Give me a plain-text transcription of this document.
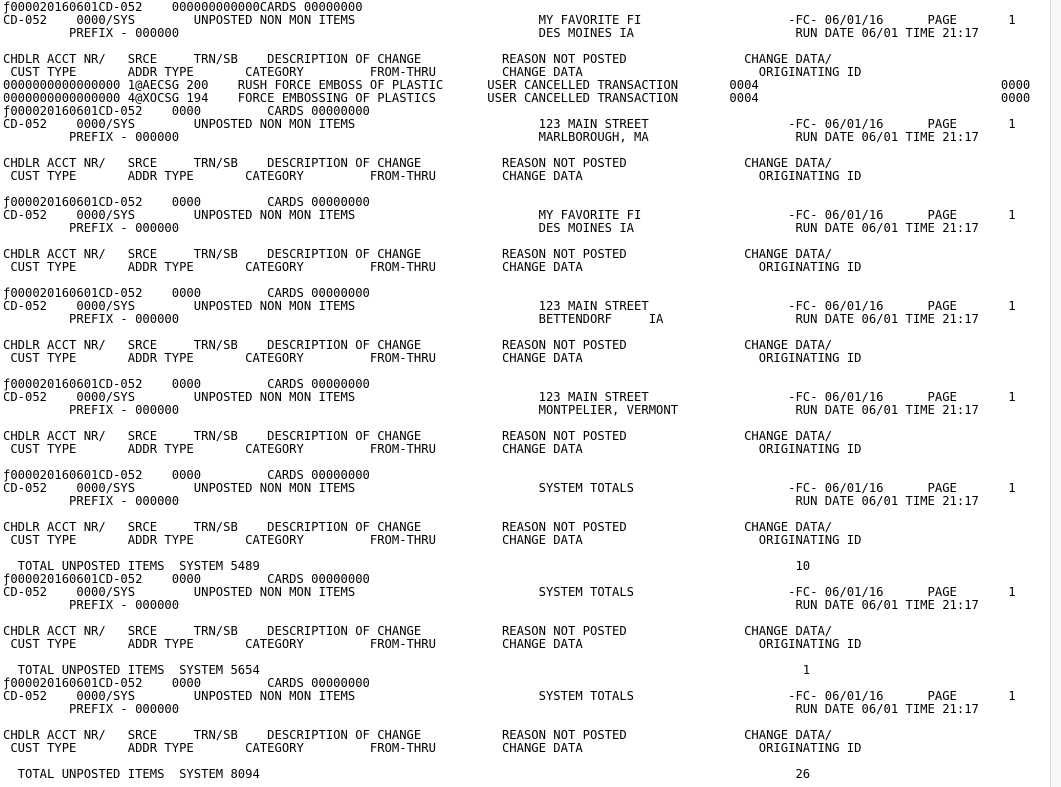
ƒ000020160601CD-052    000000000000CARDS 00000000
CD-052    0000/SYS        UNPOSTED NON MON ITEMS                         MY FAVORITE FI                    -FC- 06/01/16      PAGE       1
PREFIX - 000000                                                 DES MOINES IA                      RUN DATE 06/01 TIME 21:17
CHDLR ACCT NR/   SRCE     TRN/SB    DESCRIPTION OF CHANGE           REASON NOT POSTED                CHANGE DATA/
CUST TYPE       ADDR TYPE       CATEGORY         FROM-THRU         CHANGE DATA                        ORIGINATING ID
0000000000000000 1@AECSG 200    RUSH FORCE EMBOSS OF PLASTIC      USER CANCELLED TRANSACTION       0004                                 0000
0000000000000000 4@XOCSG 194    FORCE EMBOSSING OF PLASTICS       USER CANCELLED TRANSACTION       0004                                 0000
ƒ000020160601CD-052    0000         CARDS 00000000
CD-052    0000/SYS        UNPOSTED NON MON ITEMS                         123 MAIN STREET                   -FC- 06/01/16      PAGE       1
PREFIX - 000000                                                 MARLBOROUGH, MA                    RUN DATE 06/01 TIME 21:17
CHDLR ACCT NR/   SRCE     TRN/SB    DESCRIPTION OF CHANGE           REASON NOT POSTED                CHANGE DATA/
CUST TYPE       ADDR TYPE       CATEGORY         FROM-THRU         CHANGE DATA                        ORIGINATING ID
ƒ000020160601CD-052    0000         CARDS 00000000
CD-052    0000/SYS        UNPOSTED NON MON ITEMS                         MY FAVORITE FI                    -FC- 06/01/16      PAGE       1
PREFIX - 000000                                                 DES MOINES IA                      RUN DATE 06/01 TIME 21:17
CHDLR ACCT NR/   SRCE     TRN/SB    DESCRIPTION OF CHANGE           REASON NOT POSTED                CHANGE DATA/
CUST TYPE       ADDR TYPE       CATEGORY         FROM-THRU         CHANGE DATA                        ORIGINATING ID
ƒ000020160601CD-052    0000         CARDS 00000000
CD-052    0000/SYS        UNPOSTED NON MON ITEMS                         123 MAIN STREET                   -FC- 06/01/16      PAGE       1
PREFIX - 000000                                                 BETTENDORF     IA                  RUN DATE 06/01 TIME 21:17
CHDLR ACCT NR/   SRCE     TRN/SB    DESCRIPTION OF CHANGE           REASON NOT POSTED                CHANGE DATA/
CUST TYPE       ADDR TYPE       CATEGORY         FROM-THRU         CHANGE DATA                        ORIGINATING ID
ƒ000020160601CD-052    0000         CARDS 00000000
CD-052    0000/SYS        UNPOSTED NON MON ITEMS                         123 MAIN STREET                   -FC- 06/01/16      PAGE       1
PREFIX - 000000                                                 MONTPELIER, VERMONT                RUN DATE 06/01 TIME 21:17
CHDLR ACCT NR/   SRCE     TRN/SB    DESCRIPTION OF CHANGE           REASON NOT POSTED                CHANGE DATA/
CUST TYPE       ADDR TYPE       CATEGORY         FROM-THRU         CHANGE DATA                        ORIGINATING ID
ƒ000020160601CD-052    0000         CARDS 00000000
CD-052    0000/SYS        UNPOSTED NON MON ITEMS                         SYSTEM TOTALS                     -FC- 06/01/16      PAGE       1
PREFIX - 000000                                                                                    RUN DATE 06/01 TIME 21:17
CHDLR ACCT NR/   SRCE     TRN/SB    DESCRIPTION OF CHANGE           REASON NOT POSTED                CHANGE DATA/
CUST TYPE       ADDR TYPE       CATEGORY         FROM-THRU         CHANGE DATA                        ORIGINATING ID
TOTAL UNPOSTED ITEMS  SYSTEM 5489                                                                         10
ƒ000020160601CD-052    0000         CARDS 00000000
CD-052    0000/SYS        UNPOSTED NON MON ITEMS                         SYSTEM TOTALS                     -FC- 06/01/16      PAGE       1
PREFIX - 000000                                                                                    RUN DATE 06/01 TIME 21:17
CHDLR ACCT NR/   SRCE     TRN/SB    DESCRIPTION OF CHANGE           REASON NOT POSTED                CHANGE DATA/
CUST TYPE       ADDR TYPE       CATEGORY         FROM-THRU         CHANGE DATA                        ORIGINATING ID
TOTAL UNPOSTED ITEMS  SYSTEM 5654                                                                          1
ƒ000020160601CD-052    0000         CARDS 00000000
CD-052    0000/SYS        UNPOSTED NON MON ITEMS                         SYSTEM TOTALS                     -FC- 06/01/16      PAGE       1
PREFIX - 000000                                                                                    RUN DATE 06/01 TIME 21:17
CHDLR ACCT NR/   SRCE     TRN/SB    DESCRIPTION OF CHANGE           REASON NOT POSTED                CHANGE DATA/
CUST TYPE       ADDR TYPE       CATEGORY         FROM-THRU         CHANGE DATA                        ORIGINATING ID
TOTAL UNPOSTED ITEMS  SYSTEM 8094                                                                         26
